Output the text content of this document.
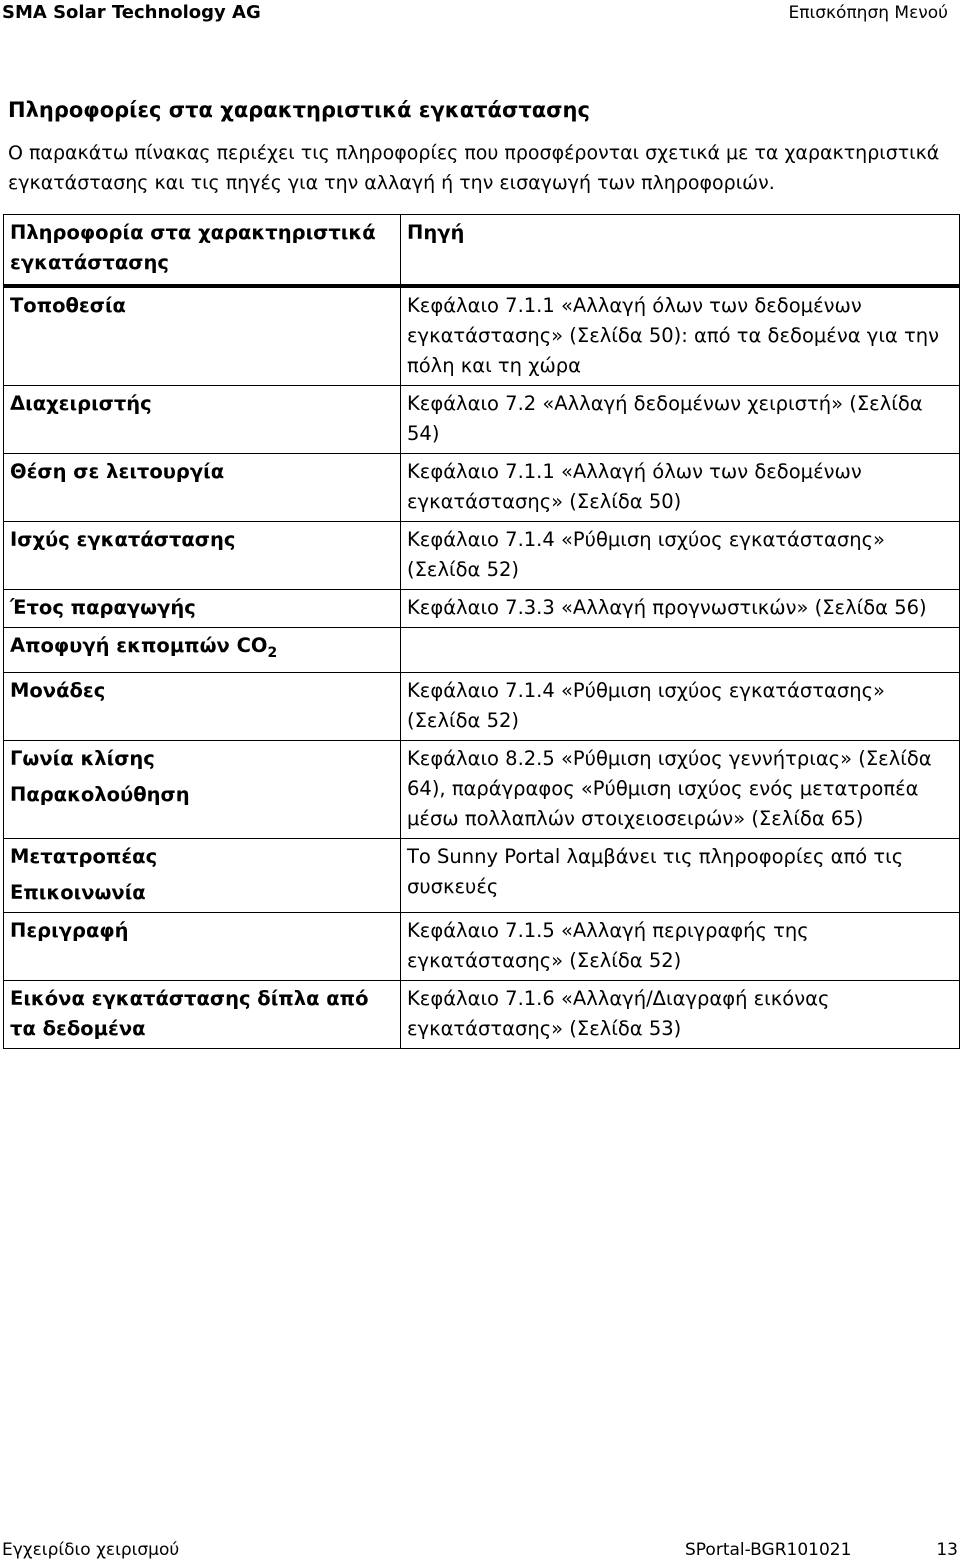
SMA Solar Technology AG	Επισκόπηση Μενού
Πληροφορίες στα χαρακτηριστικά εγκατάστασης
Ο παρακάτω πίνακας περιέχει τις πληροφορίες που προσφέρονται σχετικά με τα χαρακτηριστικά εγκατάστασης και τις πηγές για την αλλαγή ή την εισαγωγή των πληροφοριών.
Πληροφορία στα χαρακτηριστικά εγκατάστασης	Πηγή

Τοποθεσία	Κεφάλαιο 7.1.1 «Αλλαγή όλων των δεδομένων εγκατάστασης» (Σελίδα 50): από τα δεδομένα για την πόλη και τη χώρα

Διαχειριστής	Κεφάλαιο 7.2 «Αλλαγή δεδομένων χειριστή» (Σελίδα 54)

Θέση σε λειτουργία	Κεφάλαιο 7.1.1 «Αλλαγή όλων των δεδομένων εγκατάστασης» (Σελίδα 50)

Ισχύς εγκατάστασης	Κεφάλαιο 7.1.4 «Ρύθμιση ισχύος εγκατάστασης» (Σελίδα 52)

Έτος παραγωγής	Κεφάλαιο 7.3.3 «Αλλαγή προγνωστικών» (Σελίδα 56)
Αποφυγή εκπομπών $CO_2$	

Μονάδες	Κεφάλαιο 7.1.4 «Ρύθμιση ισχύος εγκατάστασης» (Σελίδα 52)

Γωνία κλίσης
Παρακολούθηση	Κεφάλαιο 8.2.5 «Ρύθμιση ισχύος γεννήτριας» (Σελίδα 64), παράγραφος «Ρύθμιση ισχύος ενός μετατροπέα μέσω πολλαπλών στοιχειοσειρών» (Σελίδα 65)

Μετατροπέας
Επικοινωνία	Το Sunny Portal λαμβάνει τις πληροφορίες από τις συσκευές

Περιγραφή	Κεφάλαιο 7.1.5 «Αλλαγή περιγραφής της εγκατάστασης» (Σελίδα 52)

Εικόνα εγκατάστασης δίπλα από τα δεδομένα	Κεφάλαιο 7.1.6 «Αλλαγή/Διαγραφή εικόνας εγκατάστασης» (Σελίδα 53)
Εγχειρίδιο χειρισμού	SPortal-BGR101021	13
